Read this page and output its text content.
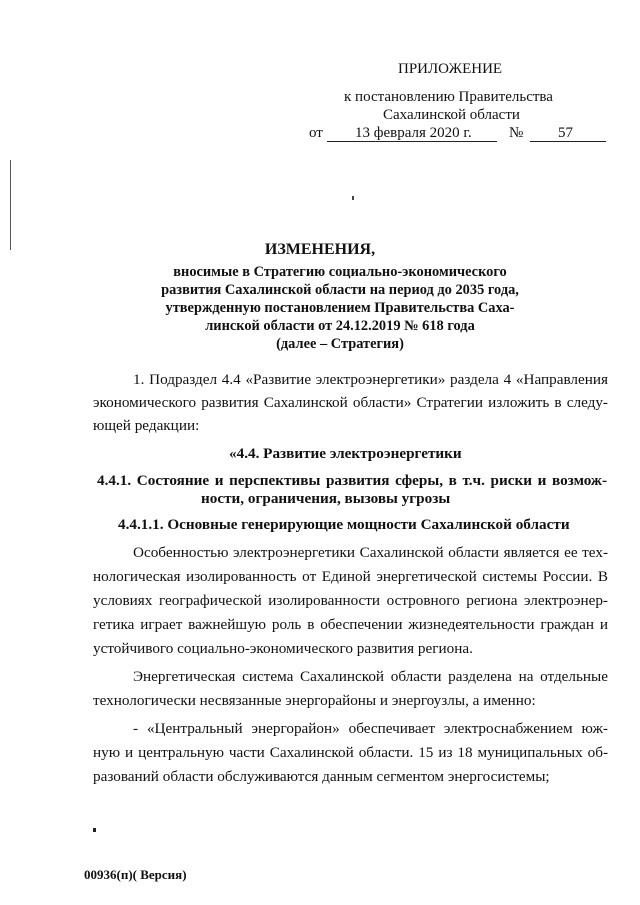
ПРИЛОЖЕНИЕ
к постановлению Правительства
Сахалинской области
от 13 февраля 2020 г. № 57
ИЗМЕНЕНИЯ,
вносимые в Стратегию социально-экономического
развития Сахалинской области на период до 2035 года,
утвержденную постановлением Правительства Саха-
линской области от 24.12.2019 № 618 года
(далее – Стратегия)
1. Подраздел 4.4 «Развитие электроэнергетики» раздела 4 «Направления
экономического развития Сахалинской области» Стратегии изложить в следу-
ющей редакции:
«4.4. Развитие электроэнергетики
4.4.1. Состояние и перспективы развития сферы, в т.ч. риски и возмож-
ности, ограничения, вызовы угрозы
4.4.1.1. Основные генерирующие мощности Сахалинской области
Особенностью электроэнергетики Сахалинской области является ее тех-
нологическая изолированность от Единой энергетической системы России. В
условиях географической изолированности островного региона электроэнер-
гетика играет важнейшую роль в обеспечении жизнедеятельности граждан и
устойчивого социально-экономического развития региона.
Энергетическая система Сахалинской области разделена на отдельные
технологически несвязанные энергорайоны и энергоузлы, а именно:
- «Центральный энергорайон» обеспечивает электроснабжением юж-
ную и центральную части Сахалинской области. 15 из 18 муниципальных об-
разований области обслуживаются данным сегментом энергосистемы;
00936(п)( Версия)
